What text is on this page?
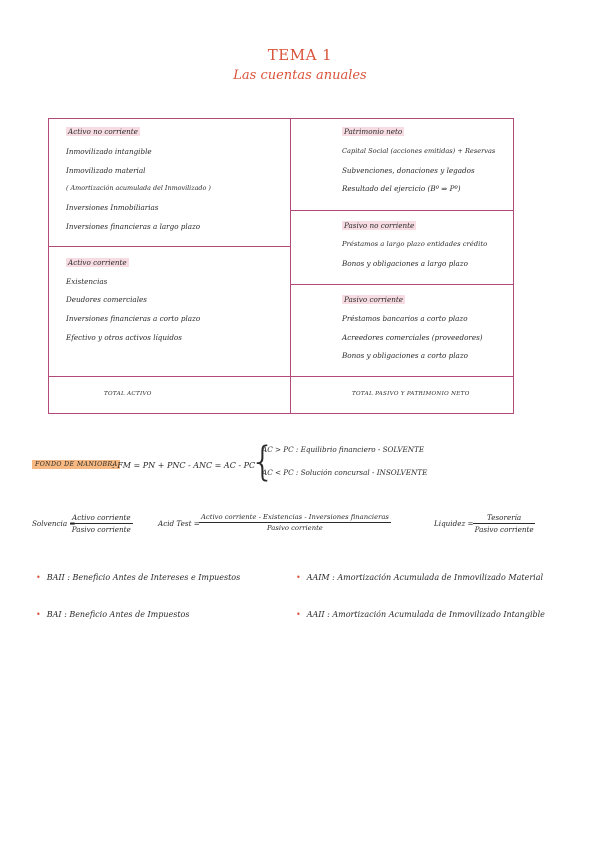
TEMA 1
Las cuentas anuales
Activo no corriente
Inmovilizado intangible
Inmovilizado material
( Amortización acumulada del Inmovilizado )
Inversiones Inmobiliarias
Inversiones financieras a largo plazo
Activo corriente
Existencias
Deudores comerciales
Inversiones financieras a corto plazo
Efectivo y otros activos líquidos
Patrimonio neto
Capital Social (acciones emitidas) + Reservas
Subvenciones, donaciones y legados
Resultado del ejercicio (Bº ⇒ Pº)
Pasivo no corriente
Préstamos a largo plazo entidades crédito
Bonos y obligaciones a largo plazo
Pasivo corriente
Préstamos bancarios a corto plazo
Acreedores comerciales (proveedores)
Bonos y obligaciones a corto plazo
TOTAL ACTIVO	TOTAL PASIVO Y PATRIMONIO NETO
FONDO DE MANIOBRA
: FM = PN + PNC - ANC = AC - PC
{
AC > PC : Equilibrio financiero - SOLVENTE
AC < PC : Solución concursal - INSOLVENTE
Solvencia =
Activo corriente
Pasivo corriente
Acid Test =
Activo corriente - Existencias - Inversiones financieras
Pasivo corriente	Liquidez =
Tesorería
Pasivo corriente
• BAII : Beneficio Antes de Intereses e Impuestos
• BAI : Beneficio Antes de Impuestos
• AAIM : Amortización Acumulada de Inmovilizado Material
• AAII : Amortización Acumulada de Inmovilizado Intangible
